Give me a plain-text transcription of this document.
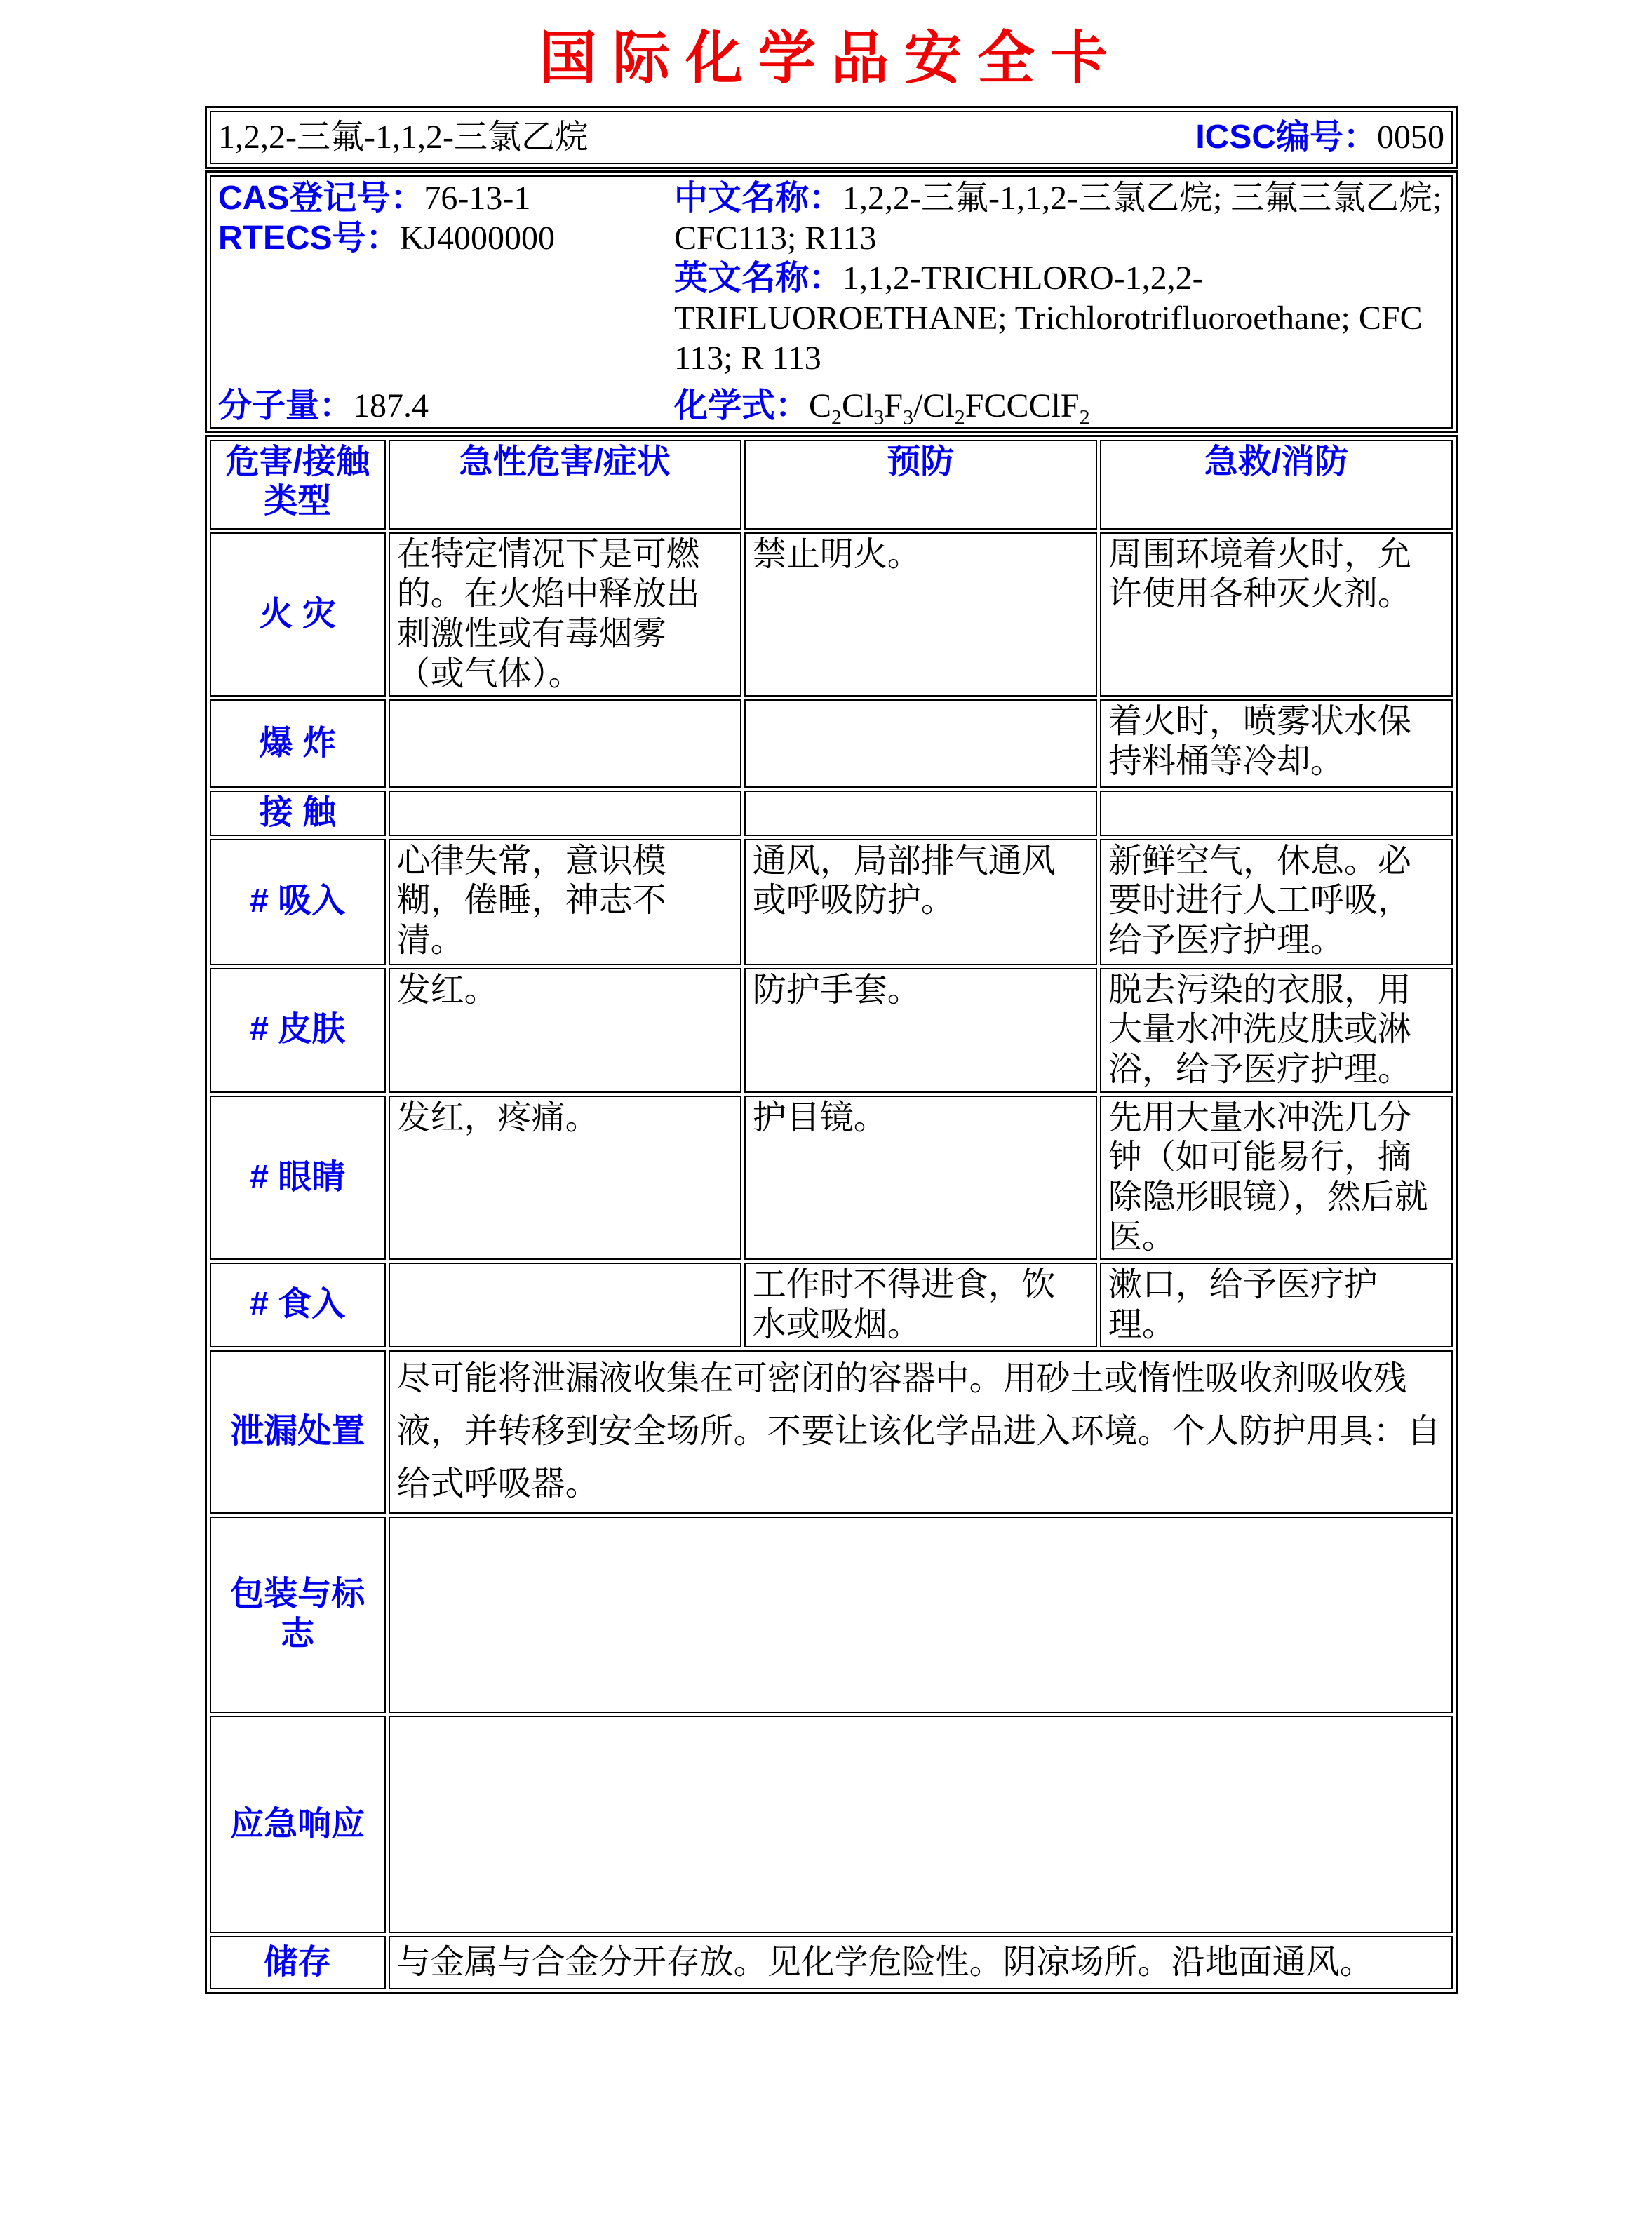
国际化学品安全卡
1,2,2-三氟-1,1,2-三氯乙烷	ICSC编号：0050
CAS登记号：76-13-1
RTECS号：KJ4000000
中文名称：1,2,2-三氟-1,1,2-三氯乙烷; 三氟三氯乙烷; CFC113; R113
英文名称：1,1,2-TRICHLORO-1,2,2-TRIFLUOROETHANE; Trichlorotrifluoroethane; CFC 113; R 113
分子量：187.4	化学式：$C_2Cl_3F_3/Cl_2FCCClF_2$
危害/接触类型	急性危害/症状	预防	急救/消防
火 灾	在特定情况下是可燃的。在火焰中释放出刺激性或有毒烟雾（或气体）。	禁止明火。	周围环境着火时，允许使用各种灭火剂。
爆 炸			着火时，喷雾状水保持料桶等冷却。
接 触			
# 吸入	心律失常，意识模糊，倦睡，神志不清。	通风，局部排气通风或呼吸防护。	新鲜空气，休息。必要时进行人工呼吸，给予医疗护理。
# 皮肤	发红。	防护手套。	脱去污染的衣服，用大量水冲洗皮肤或淋浴，给予医疗护理。
# 眼睛	发红，疼痛。	护目镜。	先用大量水冲洗几分钟（如可能易行，摘除隐形眼镜），然后就医。
# 食入		工作时不得进食，饮水或吸烟。	漱口，给予医疗护理。
泄漏处置	尽可能将泄漏液收集在可密闭的容器中。用砂土或惰性吸收剂吸收残液，并转移到安全场所。不要让该化学品进入环境。个人防护用具：自给式呼吸器。		
包装与标志			
应急响应			
储存	与金属与合金分开存放。见化学危险性。阴凉场所。沿地面通风。		
